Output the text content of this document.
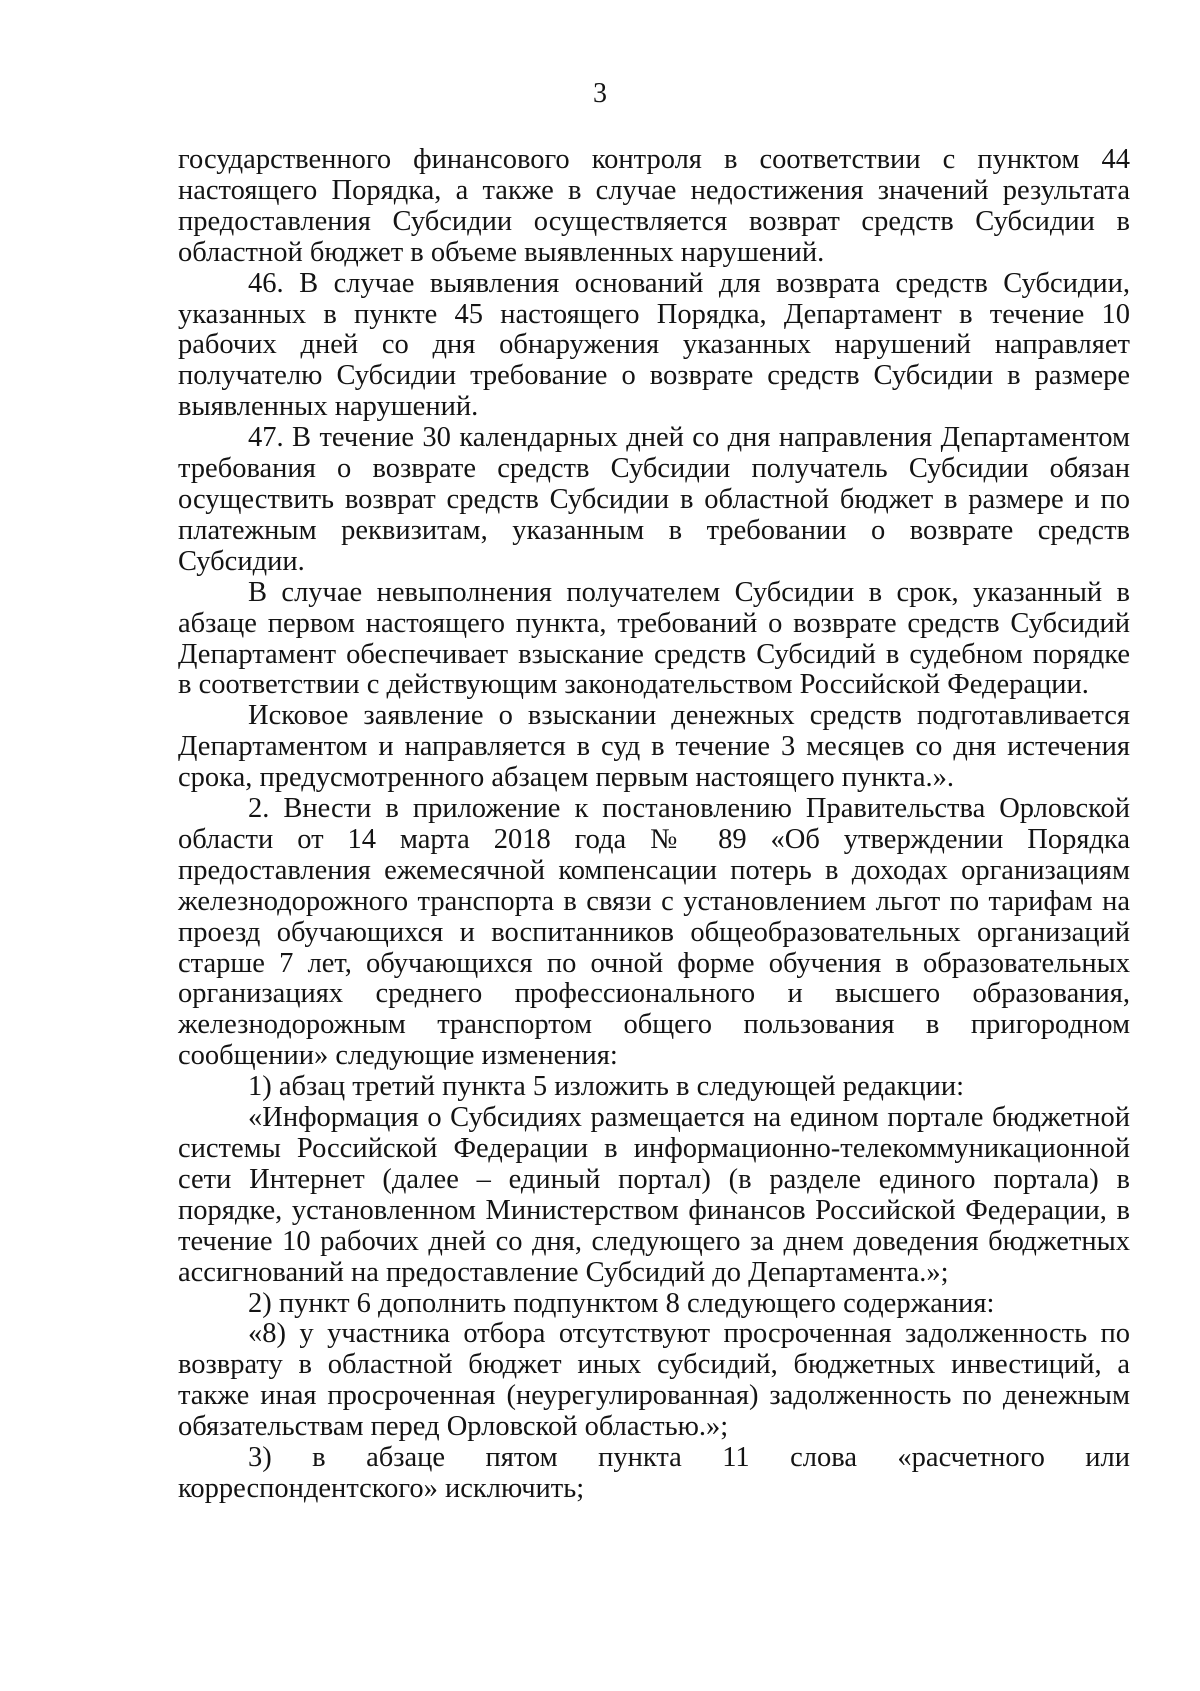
3

государственного финансового контроля в соответствии с пунктом 44 настоящего Порядка, а также в случае недостижения значений результата предоставления Субсидии осуществляется возврат средств Субсидии в областной бюджет в объеме выявленных нарушений.

46. В случае выявления оснований для возврата средств Субсидии, указанных в пункте 45 настоящего Порядка, Департамент в течение 10 рабочих дней со дня обнаружения указанных нарушений направляет получателю Субсидии требование о возврате средств Субсидии в размере выявленных нарушений.

47. В течение 30 календарных дней со дня направления Департаментом требования о возврате средств Субсидии получатель Субсидии обязан осуществить возврат средств Субсидии в областной бюджет в размере и по платежным реквизитам, указанным в требовании о возврате средств Субсидии.

В случае невыполнения получателем Субсидии в срок, указанный в абзаце первом настоящего пункта, требований о возврате средств Субсидий Департамент обеспечивает взыскание средств Субсидий в судебном порядке в соответствии с действующим законодательством Российской Федерации.

Исковое заявление о взыскании денежных средств подготавливается Департаментом и направляется в суд в течение 3 месяцев со дня истечения срока, предусмотренного абзацем первым настоящего пункта.».

2. Внести в приложение к постановлению Правительства Орловской области от 14 марта 2018 года № 89 «Об утверждении Порядка предоставления ежемесячной компенсации потерь в доходах организациям железнодорожного транспорта в связи с установлением льгот по тарифам на проезд обучающихся и воспитанников общеобразовательных организаций старше 7 лет, обучающихся по очной форме обучения в образовательных организациях среднего профессионального и высшего образования, железнодорожным транспортом общего пользования в пригородном сообщении» следующие изменения:

1) абзац третий пункта 5 изложить в следующей редакции:

«Информация о Субсидиях размещается на едином портале бюджетной системы Российской Федерации в информационно-телекоммуникационной сети Интернет (далее – единый портал) (в разделе единого портала) в порядке, установленном Министерством финансов Российской Федерации, в течение 10 рабочих дней со дня, следующего за днем доведения бюджетных ассигнований на предоставление Субсидий до Департамента.»;

2) пункт 6 дополнить подпунктом 8 следующего содержания:

«8) у участника отбора отсутствуют просроченная задолженность по возврату в областной бюджет иных субсидий, бюджетных инвестиций, а также иная просроченная (неурегулированная) задолженность по денежным обязательствам перед Орловской областью.»;

3) в абзаце пятом пункта 11 слова «расчетного или корреспондентского» исключить;
